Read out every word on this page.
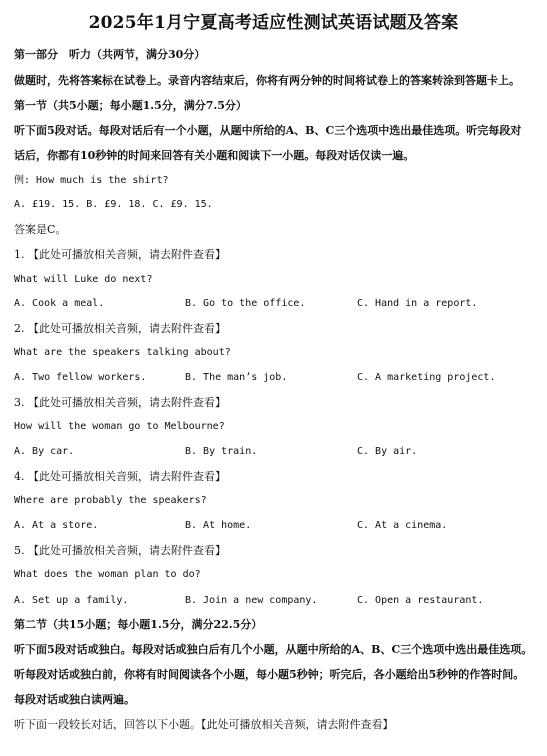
2025年1月宁夏高考适应性测试英语试题及答案
第一部分　听力（共两节，满分30分）
做题时，先将答案标在试卷上。录音内容结束后，你将有两分钟的时间将试卷上的答案转涂到答题卡上。
第一节（共5小题；每小题1.5分，满分7.5分）
听下面5段对话。每段对话后有一个小题，从题中所给的A、B、C三个选项中选出最佳选项。听完每段对
话后，你都有10秒钟的时间来回答有关小题和阅读下一小题。每段对话仅读一遍。
例: How much is the shirt?
A. £19. 15. B. £9. 18. C. £9. 15.
答案是C。
1. 【此处可播放相关音频，请去附件查看】
What will Luke do next?
A. Cook a meal.	B. Go to the office.	C. Hand in a report.
2. 【此处可播放相关音频，请去附件查看】
What are the speakers talking about?
A. Two fellow workers.	B. The man’s job.	C. A marketing project.
3. 【此处可播放相关音频，请去附件查看】
How will the woman go to Melbourne?
A. By car.	B. By train.	C. By air.
4. 【此处可播放相关音频，请去附件查看】
Where are probably the speakers?
A. At a store.	B. At home.	C. At a cinema.
5. 【此处可播放相关音频，请去附件查看】
What does the woman plan to do?
A. Set up a family.	B. Join a new company.	C. Open a restaurant.
第二节（共15小题；每小题1.5分，满分22.5分）
听下面5段对话或独白。每段对话或独白后有几个小题，从题中所给的A、B、C三个选项中选出最佳选项。
听每段对话或独白前，你将有时间阅读各个小题，每小题5秒钟；听完后，各小题给出5秒钟的作答时间。
每段对话或独白读两遍。
听下面一段较长对话，回答以下小题。【此处可播放相关音频，请去附件查看】
